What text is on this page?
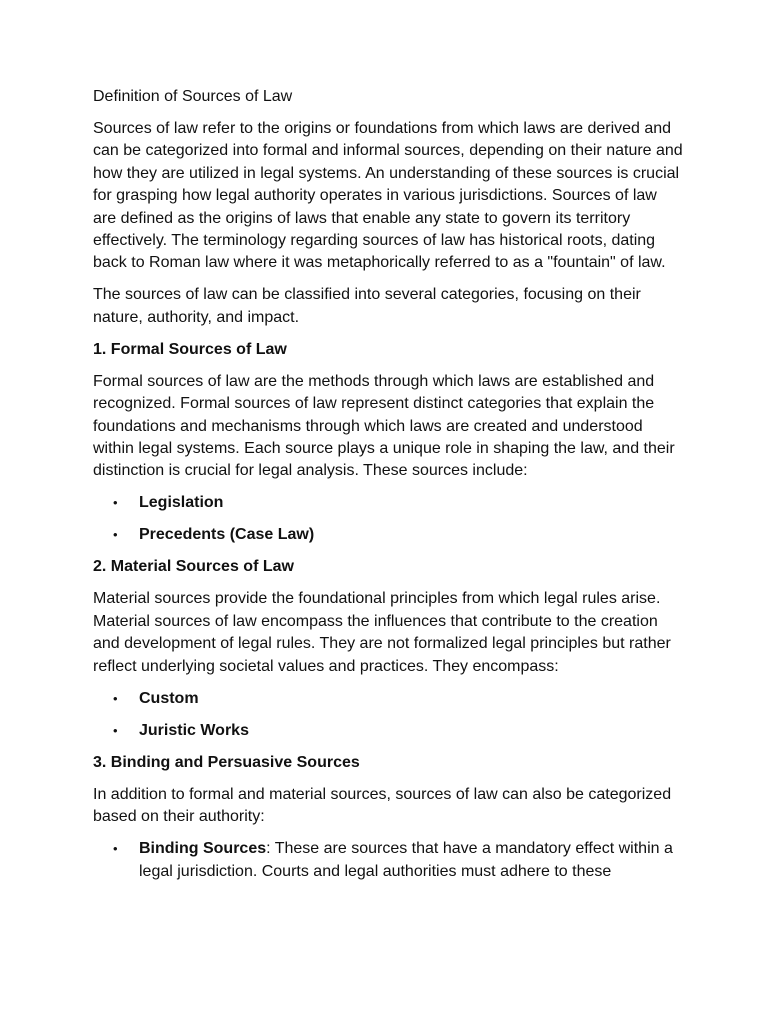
Definition of Sources of Law

Sources of law refer to the origins or foundations from which laws are derived and can be categorized into formal and informal sources, depending on their nature and how they are utilized in legal systems. An understanding of these sources is crucial for grasping how legal authority operates in various jurisdictions. Sources of law are defined as the origins of laws that enable any state to govern its territory effectively. The terminology regarding sources of law has historical roots, dating back to Roman law where it was metaphorically referred to as a "fountain" of law.

The sources of law can be classified into several categories, focusing on their nature, authority, and impact.

1. Formal Sources of Law

Formal sources of law are the methods through which laws are established and recognized. Formal sources of law represent distinct categories that explain the foundations and mechanisms through which laws are created and understood within legal systems. Each source plays a unique role in shaping the law, and their distinction is crucial for legal analysis. These sources include:

• Legislation
• Precedents (Case Law)

2. Material Sources of Law

Material sources provide the foundational principles from which legal rules arise. Material sources of law encompass the influences that contribute to the creation and development of legal rules. They are not formalized legal principles but rather reflect underlying societal values and practices. They encompass:

• Custom
• Juristic Works

3. Binding and Persuasive Sources

In addition to formal and material sources, sources of law can also be categorized based on their authority:

• Binding Sources: These are sources that have a mandatory effect within a legal jurisdiction. Courts and legal authorities must adhere to these
